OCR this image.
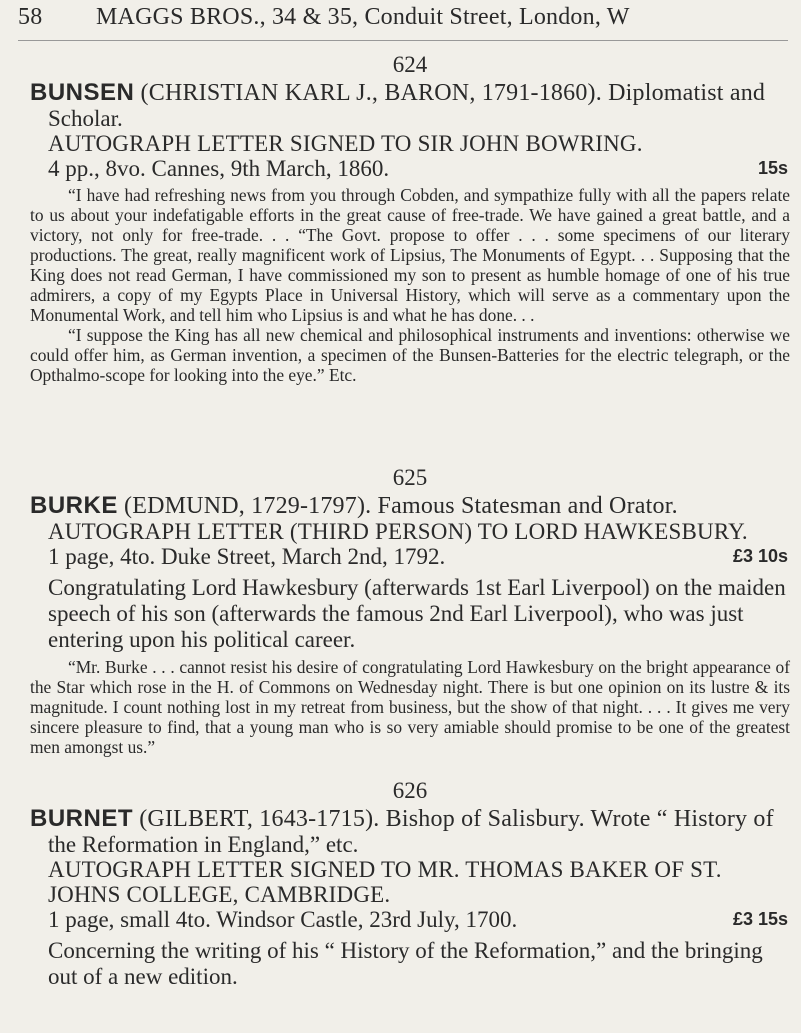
58 MAGGS BROS., 34 & 35, Conduit Street, London, W
624
BUNSEN (CHRISTIAN KARL J., BARON, 1791-1860). Diplomatist and
Scholar.
AUTOGRAPH LETTER SIGNED TO SIR JOHN BOWRING.
4 pp., 8vo. Cannes, 9th March, 1860.	15s

“I have had refreshing news from you through Cobden, and sympathize fully with all the papers relate to us about your indefatigable efforts in the great cause of free-trade. We have gained a great battle, and a victory, not only for free-trade. . . “The Govt. propose to offer . . . some specimens of our literary productions. The great, really magnificent work of Lipsius, The Monuments of Egypt. . . Supposing that the King does not read German, I have commissioned my son to present as humble homage of one of his true admirers, a copy of my Egypts Place in Universal History, which will serve as a commentary upon the Monumental Work, and tell him who Lipsius is and what he has done. . .

“I suppose the King has all new chemical and philosophical instruments and inventions: otherwise we could offer him, as German invention, a specimen of the Bunsen-Batteries for the electric telegraph, or the Opthalmo-scope for looking into the eye.” Etc.

625
BURKE (EDMUND, 1729-1797). Famous Statesman and Orator.
AUTOGRAPH LETTER (THIRD PERSON) TO LORD HAWKESBURY.
1 page, 4to. Duke Street, March 2nd, 1792.	£3 10s
Congratulating Lord Hawkesbury (afterwards 1st Earl Liverpool) on the maiden speech of his son (afterwards the famous 2nd Earl Liverpool), who was just entering upon his political career.

“Mr. Burke . . . cannot resist his desire of congratulating Lord Hawkesbury on the bright appearance of the Star which rose in the H. of Commons on Wednesday night. There is but one opinion on its lustre & its magnitude. I count nothing lost in my retreat from business, but the show of that night. . . . It gives me very sincere pleasure to find, that a young man who is so very amiable should promise to be one of the greatest men amongst us.”

626
BURNET (GILBERT, 1643-1715). Bishop of Salisbury. Wrote “ History of
the Reformation in England,” etc.
AUTOGRAPH LETTER SIGNED TO MR. THOMAS BAKER OF ST. JOHNS COLLEGE, CAMBRIDGE.
1 page, small 4to. Windsor Castle, 23rd July, 1700.	£3 15s
Concerning the writing of his “ History of the Reformation,” and the bringing out of a new edition.
